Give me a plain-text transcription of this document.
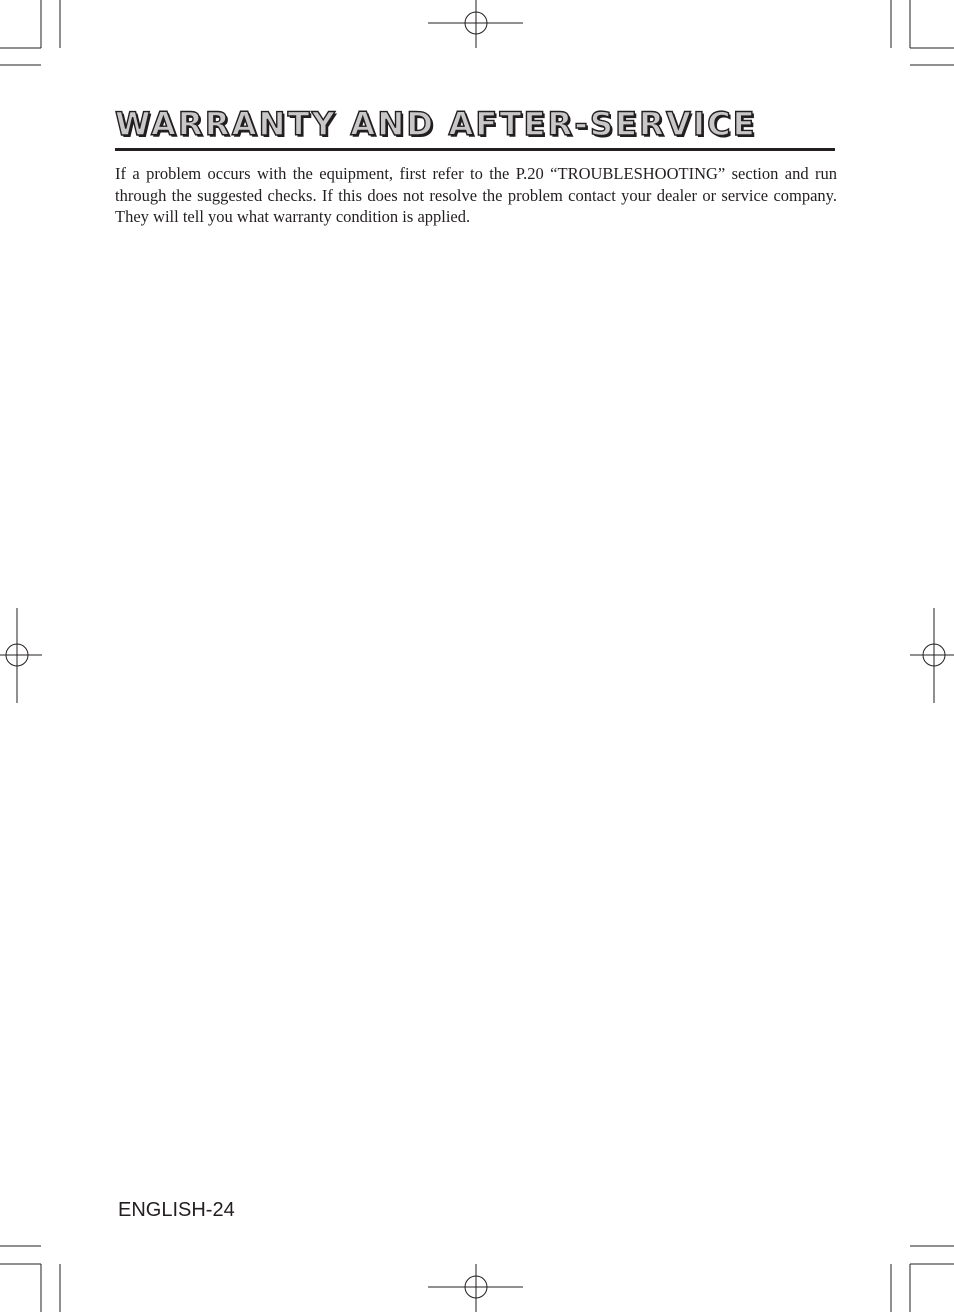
WARRANTY AND AFTER-SERVICE

If a problem occurs with the equipment, first refer to the P.20 “TROUBLESHOOTING” section and run through the suggested checks. If this does not resolve the problem contact your dealer or service company. They will tell you what warranty condition is applied.

ENGLISH-24
